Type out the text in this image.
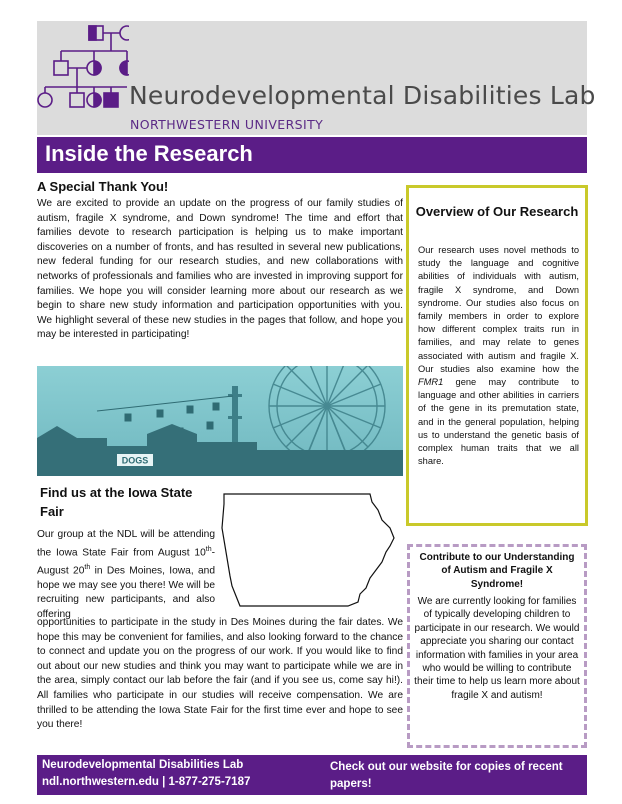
Neurodevelopmental Disabilities Lab
NORTHWESTERN UNIVERSITY
Inside the Research
A Special Thank You!

We are excited to provide an update on the progress of our family studies of autism, fragile X syndrome, and Down syndrome! The time and effort that families devote to research participation is helping us to make important discoveries on a number of fronts, and has resulted in several new publications, new federal funding for our research studies, and new collaborations with networks of professionals and families who are invested in improving support for families. We hope you will consider learning more about our research as we begin to share new study information and participation opportunities with you. We highlight several of these new studies in the pages that follow, and hope you may be interested in participating!

DOGS
Find us at the Iowa State Fair

Our group at the NDL will be attending the Iowa State Fair from August 10th-August 20th in Des Moines, Iowa, and hope we may see you there! We will be recruiting new participants, and also offering

opportunities to participate in the study in Des Moines during the fair dates. We hope this may be convenient for families, and also looking forward to the chance to connect and update you on the progress of our work. If you would like to find out about our new studies and think you may want to participate while we are in the area, simply contact our lab before the fair (and if you see us, come say hi!). All families who participate in our studies will receive compensation. We are thrilled to be attending the Iowa State Fair for the first time ever and hope to see you there!

Overview of Our Research

Our research uses novel methods to study the language and cognitive abilities of individuals with autism, fragile X syndrome, and Down syndrome. Our studies also focus on family members in order to explore how different complex traits run in families, and may relate to genes associated with autism and fragile X. Our studies also examine how the FMR1 gene may contribute to language and other abilities in carriers of the gene in its premutation state, and in the general population, helping us to understand the genetic basis of complex human traits that we all share.

Contribute to our Understanding of Autism and Fragile X Syndrome!
We are currently looking for families of typically developing children to participate in our research. We would appreciate you sharing our contact information with families in your area who would be willing to contribute their time to help us learn more about fragile X and autism!
Neurodevelopmental Disabilities Lab
ndl.northwestern.edu | 1-877-275-7187
Check out our website for copies of recent papers!
